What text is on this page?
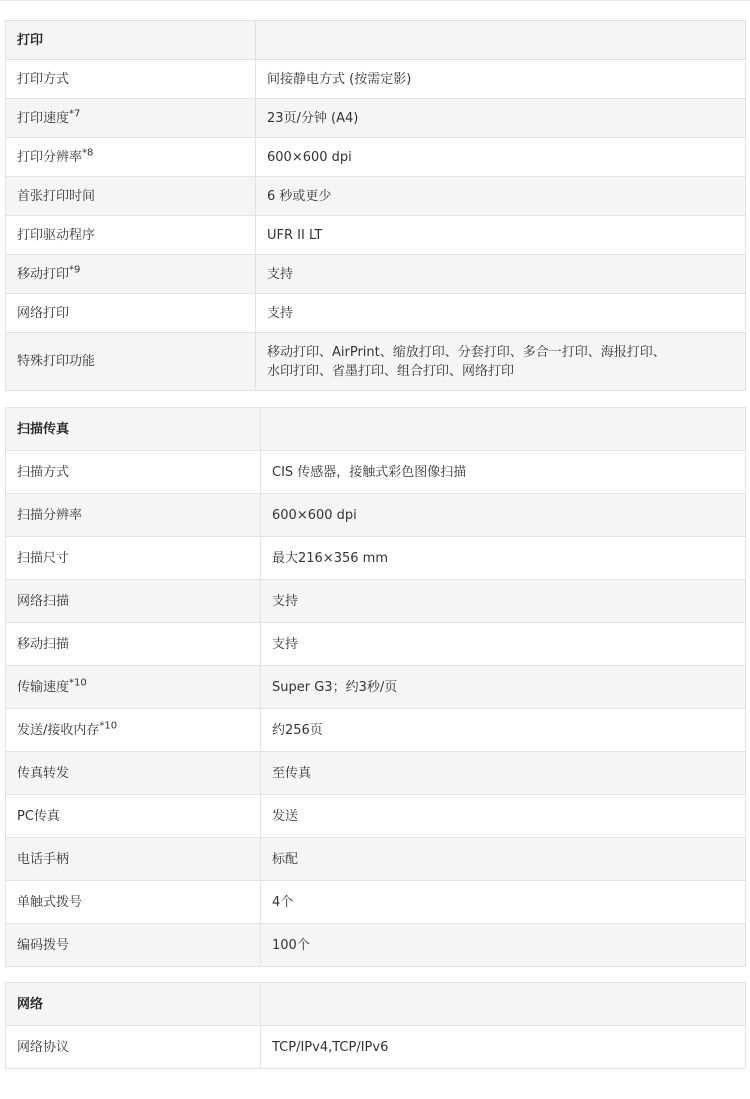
打印	
打印方式	间接静电方式 (按需定影)
打印速度$^{*7}$	23页/分钟 (A4)
打印分辨率$^{*8}$	600×600 dpi
首张打印时间	6 秒或更少
打印驱动程序	UFR II LT
移动打印$^{*9}$	支持
网络打印	支持
特殊打印功能	移动打印、AirPrint、缩放打印、分套打印、多合一打印、海报打印、
水印打印、省墨打印、组合打印、网络打印
扫描传真	
扫描方式	CIS 传感器，接触式彩色图像扫描
扫描分辨率	600×600 dpi
扫描尺寸	最大216×356 mm
网络扫描	支持
移动扫描	支持
传输速度$^{*10}$	Super G3；约3秒/页
发送/接收内存$^{*10}$	约256页
传真转发	至传真
PC传真	发送
电话手柄	标配
单触式拨号	4个
编码拨号	100个
网络	
网络协议	TCP/IPv4,TCP/IPv6
